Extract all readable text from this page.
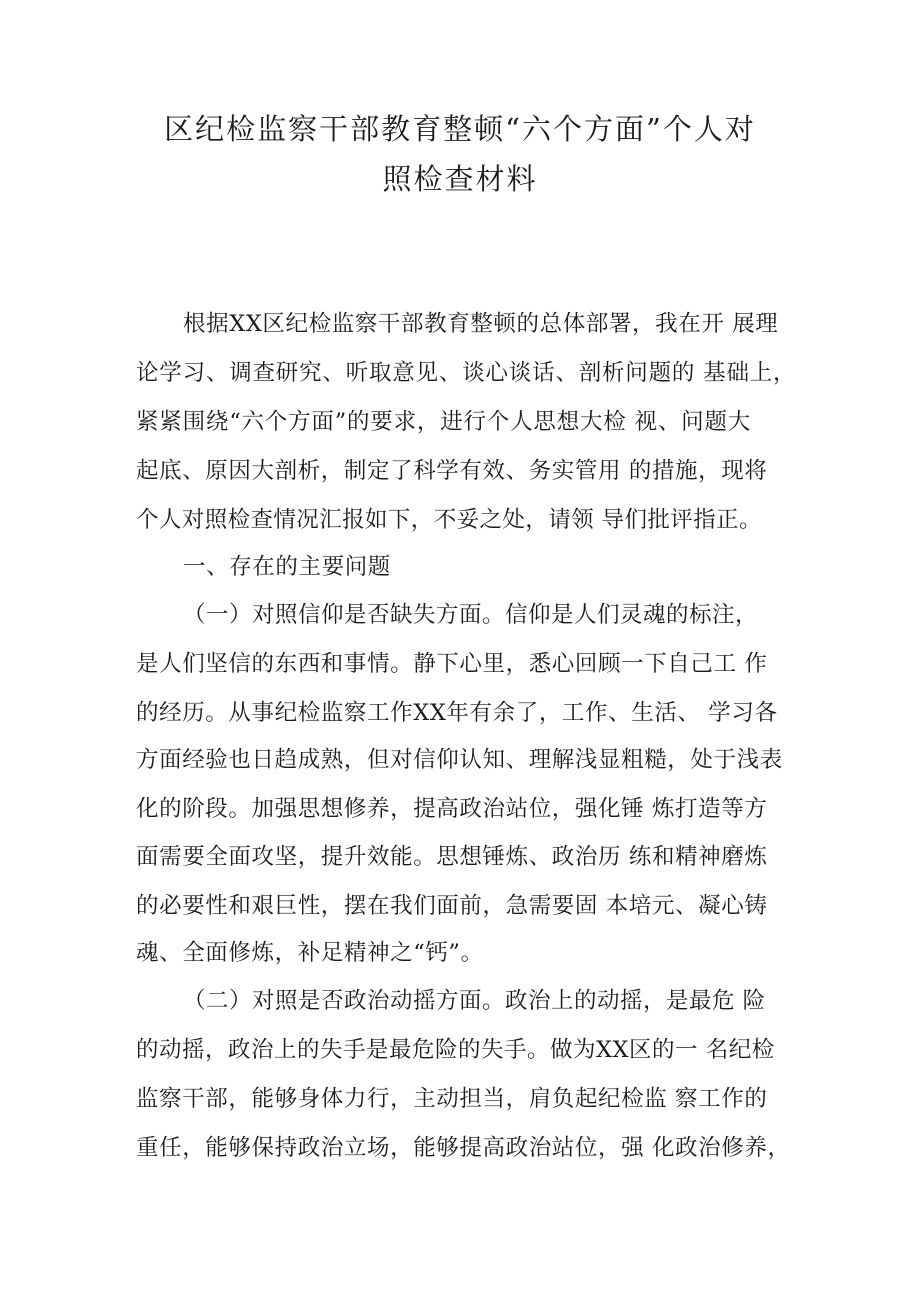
区纪检监察干部教育整顿“六个方面”个人对
照检查材料
根据XX区纪检监察干部教育整顿的总体部署，我在开 展理
论学习、调查研究、听取意见、谈心谈话、剖析问题的 基础上，
紧紧围绕“六个方面”的要求，进行个人思想大检 视、问题大
起底、原因大剖析，制定了科学有效、务实管用 的措施，现将
个人对照检查情况汇报如下，不妥之处，请领 导们批评指正。
一、存在的主要问题
（一）对照信仰是否缺失方面。信仰是人们灵魂的标注，
是人们坚信的东西和事情。静下心里，悉心回顾一下自己工 作
的经历。从事纪检监察工作XX年有余了，工作、生活、 学习各
方面经验也日趋成熟，但对信仰认知、理解浅显粗糙，处于浅表
化的阶段。加强思想修养，提高政治站位，强化锤 炼打造等方
面需要全面攻坚，提升效能。思想锤炼、政治历 练和精神磨炼
的必要性和艰巨性，摆在我们面前，急需要固 本培元、凝心铸
魂、全面修炼，补足精神之“钙”。
（二）对照是否政治动摇方面。政治上的动摇，是最危 险
的动摇，政治上的失手是最危险的失手。做为XX区的一 名纪检
监察干部，能够身体力行，主动担当，肩负起纪检监 察工作的
重任，能够保持政治立场，能够提高政治站位，强 化政治修养，
